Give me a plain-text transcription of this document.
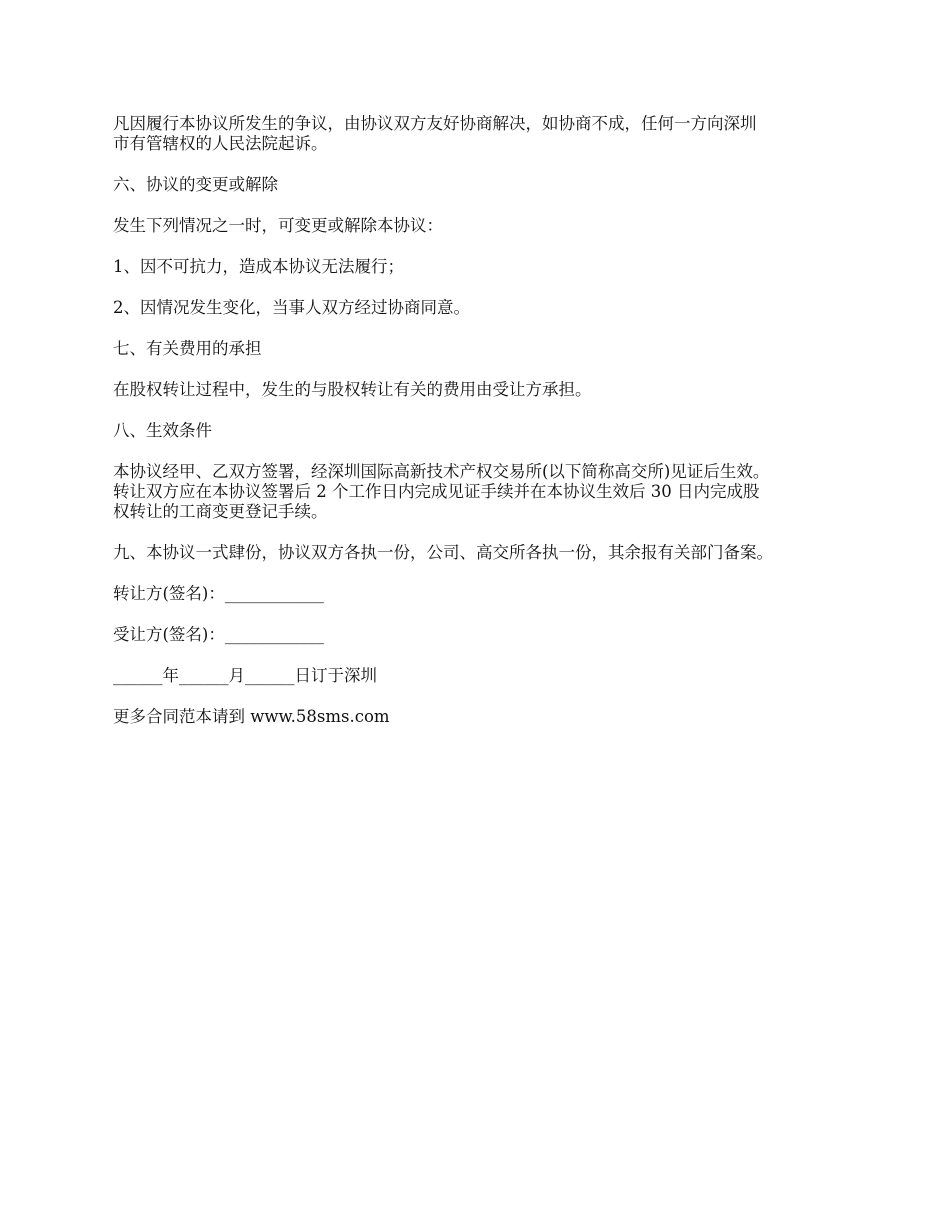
凡因履行本协议所发生的争议，由协议双方友好协商解决，如协商不成，任何一方向深圳
市有管辖权的人民法院起诉。

六、协议的变更或解除

发生下列情况之一时，可变更或解除本协议：

1、因不可抗力，造成本协议无法履行；

2、因情况发生变化，当事人双方经过协商同意。

七、有关费用的承担

在股权转让过程中，发生的与股权转让有关的费用由受让方承担。

八、生效条件

本协议经甲、乙双方签署，经深圳国际高新技术产权交易所(以下简称高交所)见证后生效。
转让双方应在本协议签署后 2 个工作日内完成见证手续并在本协议生效后 30 日内完成股
权转让的工商变更登记手续。

九、本协议一式肆份，协议双方各执一份，公司、高交所各执一份，其余报有关部门备案。

转让方(签名)：____________

受让方(签名)：____________

______年______月______日订于深圳

更多合同范本请到 www.58sms.com
